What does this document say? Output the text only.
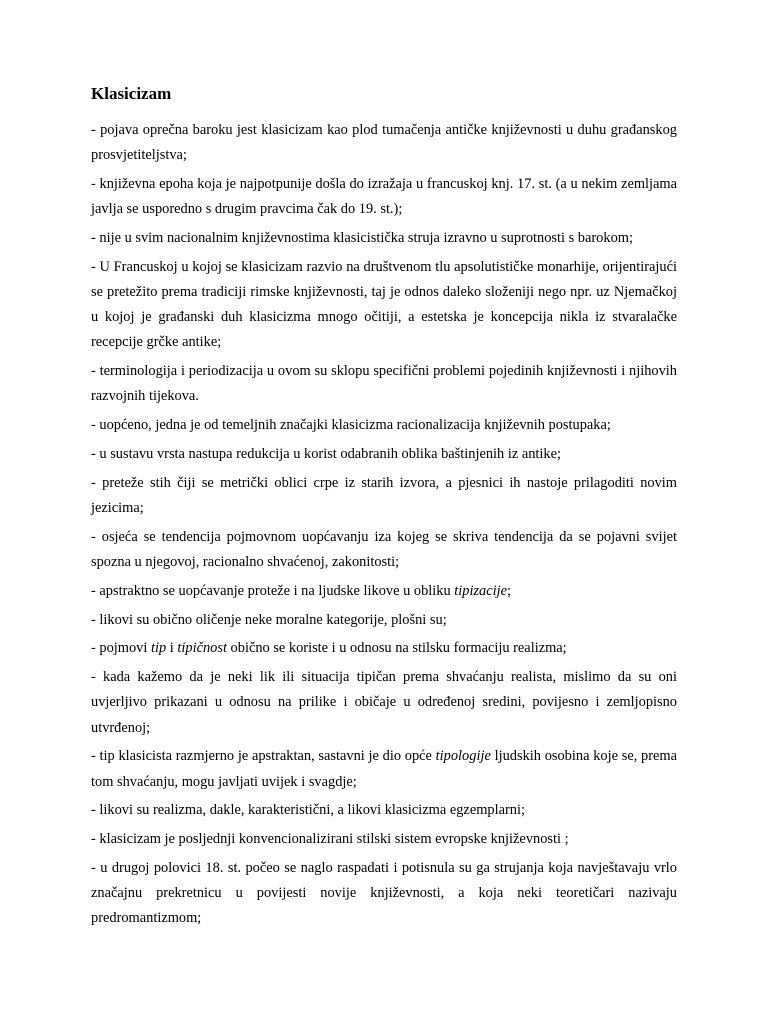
Klasicizam

- pojava oprečna baroku jest klasicizam kao plod tumačenja antičke književnosti u duhu građanskog prosvjetiteljstva;

- književna epoha koja je najpotpunije došla do izražaja u francuskoj knj. 17. st. (a u nekim zemljama javlja se usporedno s drugim pravcima čak do 19. st.);

- nije u svim nacionalnim književnostima klasicistička struja izravno u suprotnosti s barokom;

- U Francuskoj u kojoj se klasicizam razvio na društvenom tlu apsolutističke monarhije, orijentirajući se pretežito prema tradiciji rimske književnosti, taj je odnos daleko složeniji nego npr. uz Njemačkoj u kojoj je građanski duh klasicizma mnogo očitiji, a estetska je koncepcija nikla iz stvaralačke recepcije grčke antike;

- terminologija i periodizacija u ovom su sklopu specifični problemi pojedinih književnosti i njihovih razvojnih tijekova.

- uopćeno, jedna je od temeljnih značajki klasicizma racionalizacija književnih postupaka;

- u sustavu vrsta nastupa redukcija u korist odabranih oblika baštinjenih iz antike;

- preteže stih čiji se metrički oblici crpe iz starih izvora, a pjesnici ih nastoje prilagoditi novim jezicima;

- osjeća se tendencija pojmovnom uopćavanju iza kojeg se skriva tendencija da se pojavni svijet spozna u njegovoj, racionalno shvaćenoj, zakonitosti;

- apstraktno se uopćavanje proteže i na ljudske likove u obliku tipizacije;

- likovi su obično oličenje neke moralne kategorije, plošni su;

- pojmovi tip i tipičnost obično se koriste i u odnosu na stilsku formaciju realizma;

- kada kažemo da je neki lik ili situacija tipičan prema shvaćanju realista, mislimo da su oni uvjerljivo prikazani u odnosu na prilike i običaje u određenoj sredini, povijesno i zemljopisno utvrđenoj;

- tip klasicista razmjerno je apstraktan, sastavni je dio opće tipologije ljudskih osobina koje se, prema tom shvaćanju, mogu javljati uvijek i svagdje;

- likovi su realizma, dakle, karakteristični, a likovi klasicizma egzemplarni;

- klasicizam je posljednji konvencionalizirani stilski sistem evropske književnosti ;

- u drugoj polovici 18. st. počeo se naglo raspadati i potisnula su ga strujanja koja navještavaju vrlo značajnu prekretnicu u povijesti novije književnosti, a koja neki teoretičari nazivaju predromantizmom;
